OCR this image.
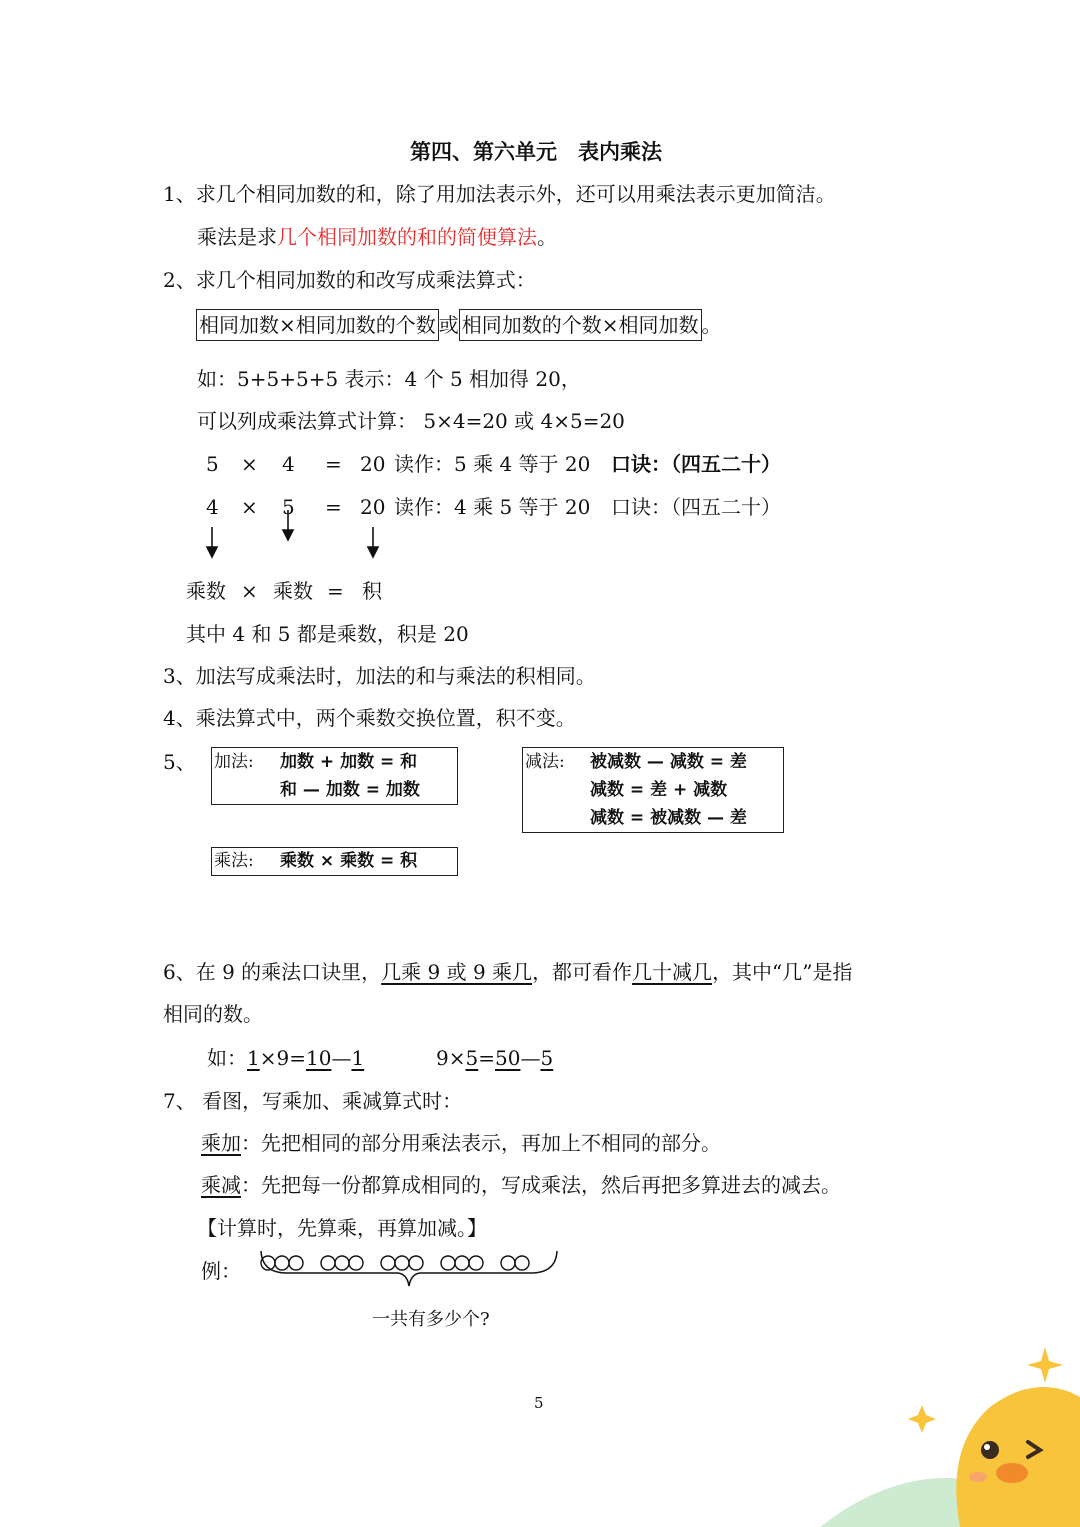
第四、第六单元　表内乘法
1、求几个相同加数的和，除了用加法表示外，还可以用乘法表示更加简洁。
乘法是求几个相同加数的和的简便算法。
2、求几个相同加数的和改写成乘法算式：
相同加数×相同加数的个数 或 相同加数的个数×相同加数 。
如：5+5+5+5 表示：4 个 5 相加得 20，
可以列成乘法算式计算： 5×4=20 或 4×5=20
5 × 4 = 20 读作：5 乘 4 等于 20 口诀：（四五二十）
4 × 5 = 20 读作：4 乘 5 等于 20 口诀：（四五二十）
乘数 × 乘数 = 积
其中 4 和 5 都是乘数，积是 20
3、加法写成乘法时，加法的和与乘法的积相同。
4、乘法算式中，两个乘数交换位置，积不变。
5、 加法: 加数 + 加数 = 和
和 — 加数 = 加数
减法: 被减数 — 减数 = 差
减数 = 差 + 减数
减数 = 被减数 — 差
乘法: 乘数 × 乘数 = 积
6、在 9 的乘法口诀里，几乘 9 或 9 乘几，都可看作几十减几，其中“几”是指
相同的数。
如：1×9=10—1	9×5=50—5
7、 看图，写乘加、乘减算式时：
乘加：先把相同的部分用乘法表示，再加上不相同的部分。
乘减：先把每一份都算成相同的，写成乘法，然后再把多算进去的减去。
【计算时，先算乘，再算加减。】
例：
一共有多少个?
5
